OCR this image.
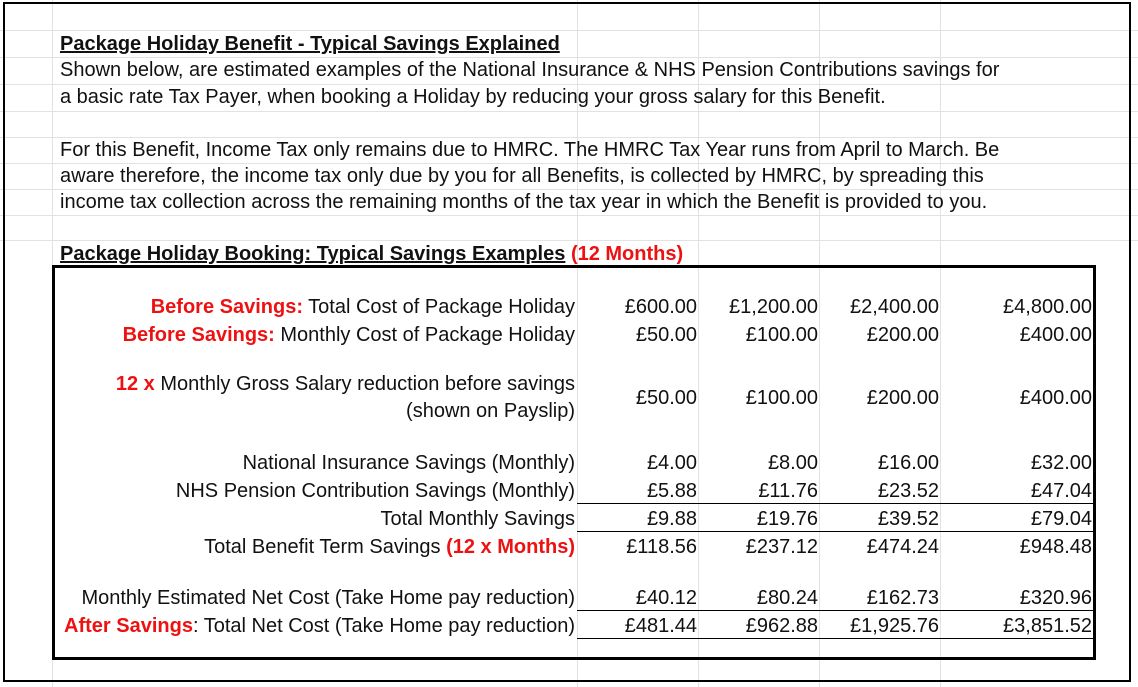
Package Holiday Benefit - Typical Savings Explained
Shown below, are estimated examples of the National Insurance & NHS Pension Contributions savings for
a basic rate Tax Payer, when booking a Holiday by reducing your gross salary for this Benefit.
For this Benefit, Income Tax only remains due to HMRC. The HMRC Tax Year runs from April to March. Be
aware therefore, the income tax only due by you for all Benefits, is collected by HMRC, by spreading this
income tax collection across the remaining months of the tax year in which the Benefit is provided to you.
Package Holiday Booking: Typical Savings Examples (12 Months)
Before Savings: Total Cost of Package Holiday	£600.00	£1,200.00	£2,400.00	£4,800.00
Before Savings: Monthly Cost of Package Holiday	£50.00	£100.00	£200.00	£400.00
12 x Monthly Gross Salary reduction before savings
(shown on Payslip)
£50.00	£100.00	£200.00	£400.00
National Insurance Savings (Monthly)	£4.00	£8.00	£16.00	£32.00
NHS Pension Contribution Savings (Monthly)	£5.88	£11.76	£23.52	£47.04
Total Monthly Savings	£9.88	£19.76	£39.52	£79.04
Total Benefit Term Savings (12 x Months)	£118.56	£237.12	£474.24	£948.48
Monthly Estimated Net Cost (Take Home pay reduction)	£40.12	£80.24	£162.73	£320.96
After Savings: Total Net Cost (Take Home pay reduction)	£481.44	£962.88	£1,925.76	£3,851.52
